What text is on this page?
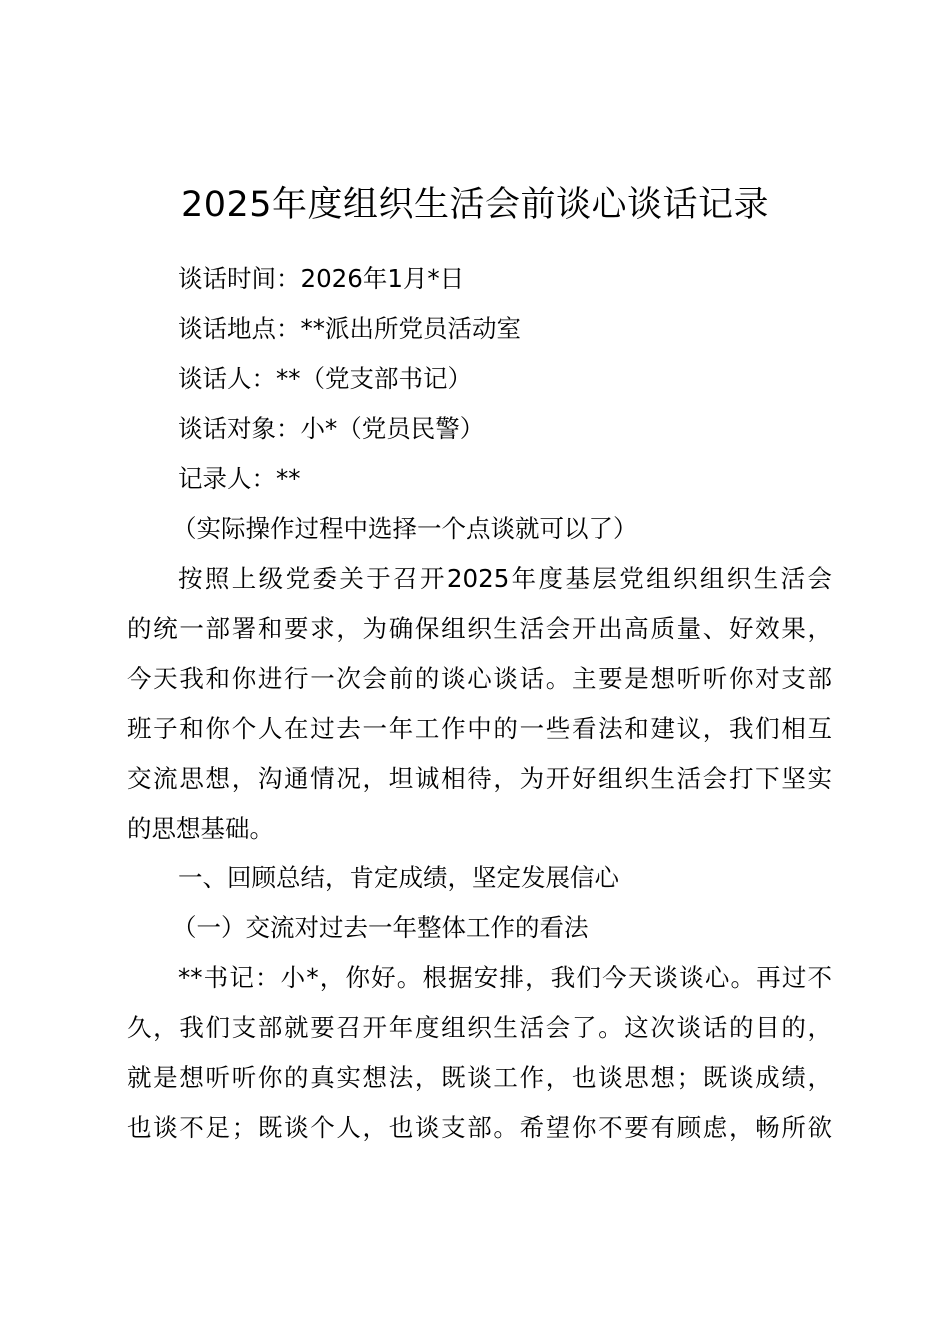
2025年度组织生活会前谈心谈话记录
谈话时间：2026年1月*日
谈话地点：**派出所党员活动室
谈话人：**（党支部书记）
谈话对象：小*（党员民警）
记录人：**
（实际操作过程中选择一个点谈就可以了）
按照上级党委关于召开2025年度基层党组织组织生活会
的统一部署和要求，为确保组织生活会开出高质量、好效果，
今天我和你进行一次会前的谈心谈话。主要是想听听你对支部
班子和你个人在过去一年工作中的一些看法和建议，我们相互
交流思想，沟通情况，坦诚相待，为开好组织生活会打下坚实
的思想基础。
一、回顾总结，肯定成绩，坚定发展信心
（一）交流对过去一年整体工作的看法
**书记：小*，你好。根据安排，我们今天谈谈心。再过不
久，我们支部就要召开年度组织生活会了。这次谈话的目的，
就是想听听你的真实想法，既谈工作，也谈思想；既谈成绩，
也谈不足；既谈个人，也谈支部。希望你不要有顾虑，畅所欲
